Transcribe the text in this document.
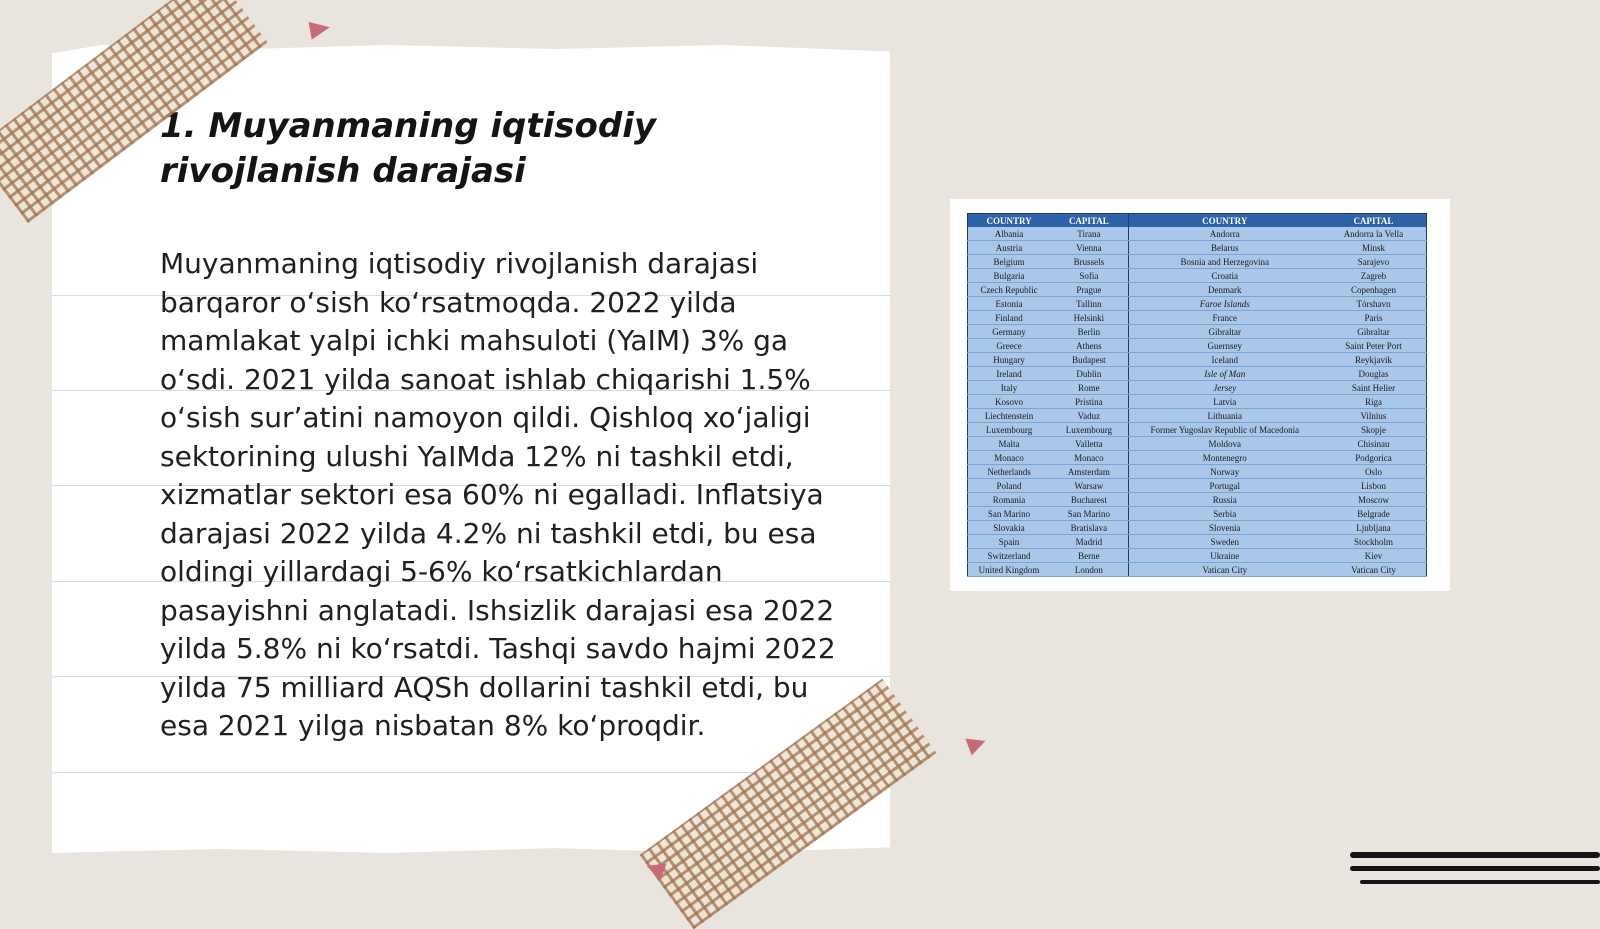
1. Muyanmaning iqtisodiy rivojlanish darajasi

Muyanmaning iqtisodiy rivojlanish darajasi barqaror o‘sish ko‘rsatmoqda. 2022 yilda mamlakat yalpi ichki mahsuloti (YaIM) 3% ga o‘sdi. 2021 yilda sanoat ishlab chiqarishi 1.5% o‘sish sur’atini namoyon qildi. Qishloq xo‘jaligi sektorining ulushi YaIMda 12% ni tashkil etdi, xizmatlar sektori esa 60% ni egalladi. Inflatsiya darajasi 2022 yilda 4.2% ni tashkil etdi, bu esa oldingi yillardagi 5-6% ko‘rsatkichlardan pasayishni anglatadi. Ishsizlik darajasi esa 2022 yilda 5.8% ni ko‘rsatdi. Tashqi savdo hajmi 2022 yilda 75 milliard AQSh dollarini tashkil etdi, bu esa 2021 yilga nisbatan 8% ko‘proqdir.

COUNTRY	CAPITAL	COUNTRY	CAPITAL
Albania	Tirana	Andorra	Andorra la Vella
Austria	Vienna	Belarus	Minsk
Belgium	Brussels	Bosnia and Herzegovina	Sarajevo
Bulgaria	Sofia	Croatia	Zagreb
Czech Republic	Prague	Denmark	Copenhagen
Estonia	Tallinn	Faroe Islands	Tórshavn
Finland	Helsinki	France	Paris
Germany	Berlin	Gibraltar	Gibraltar
Greece	Athens	Guernsey	Saint Peter Port
Hungary	Budapest	Iceland	Reykjavik
Ireland	Dublin	Isle of Man	Douglas
Italy	Rome	Jersey	Saint Helier
Kosovo	Pristina	Latvia	Riga
Liechtenstein	Vaduz	Lithuania	Vilnius
Luxembourg	Luxembourg	Former Yugoslav Republic of Macedonia	Skopje
Malta	Valletta	Moldova	Chisinau
Monaco	Monaco	Montenegro	Podgorica
Netherlands	Amsterdam	Norway	Oslo
Poland	Warsaw	Portugal	Lisbon
Romania	Bucharest	Russia	Moscow
San Marino	San Marino	Serbia	Belgrade
Slovakia	Bratislava	Slovenia	Ljubljana
Spain	Madrid	Sweden	Stockholm
Switzerland	Berne	Ukraine	Kiev
United Kingdom	London	Vatican City	Vatican City
